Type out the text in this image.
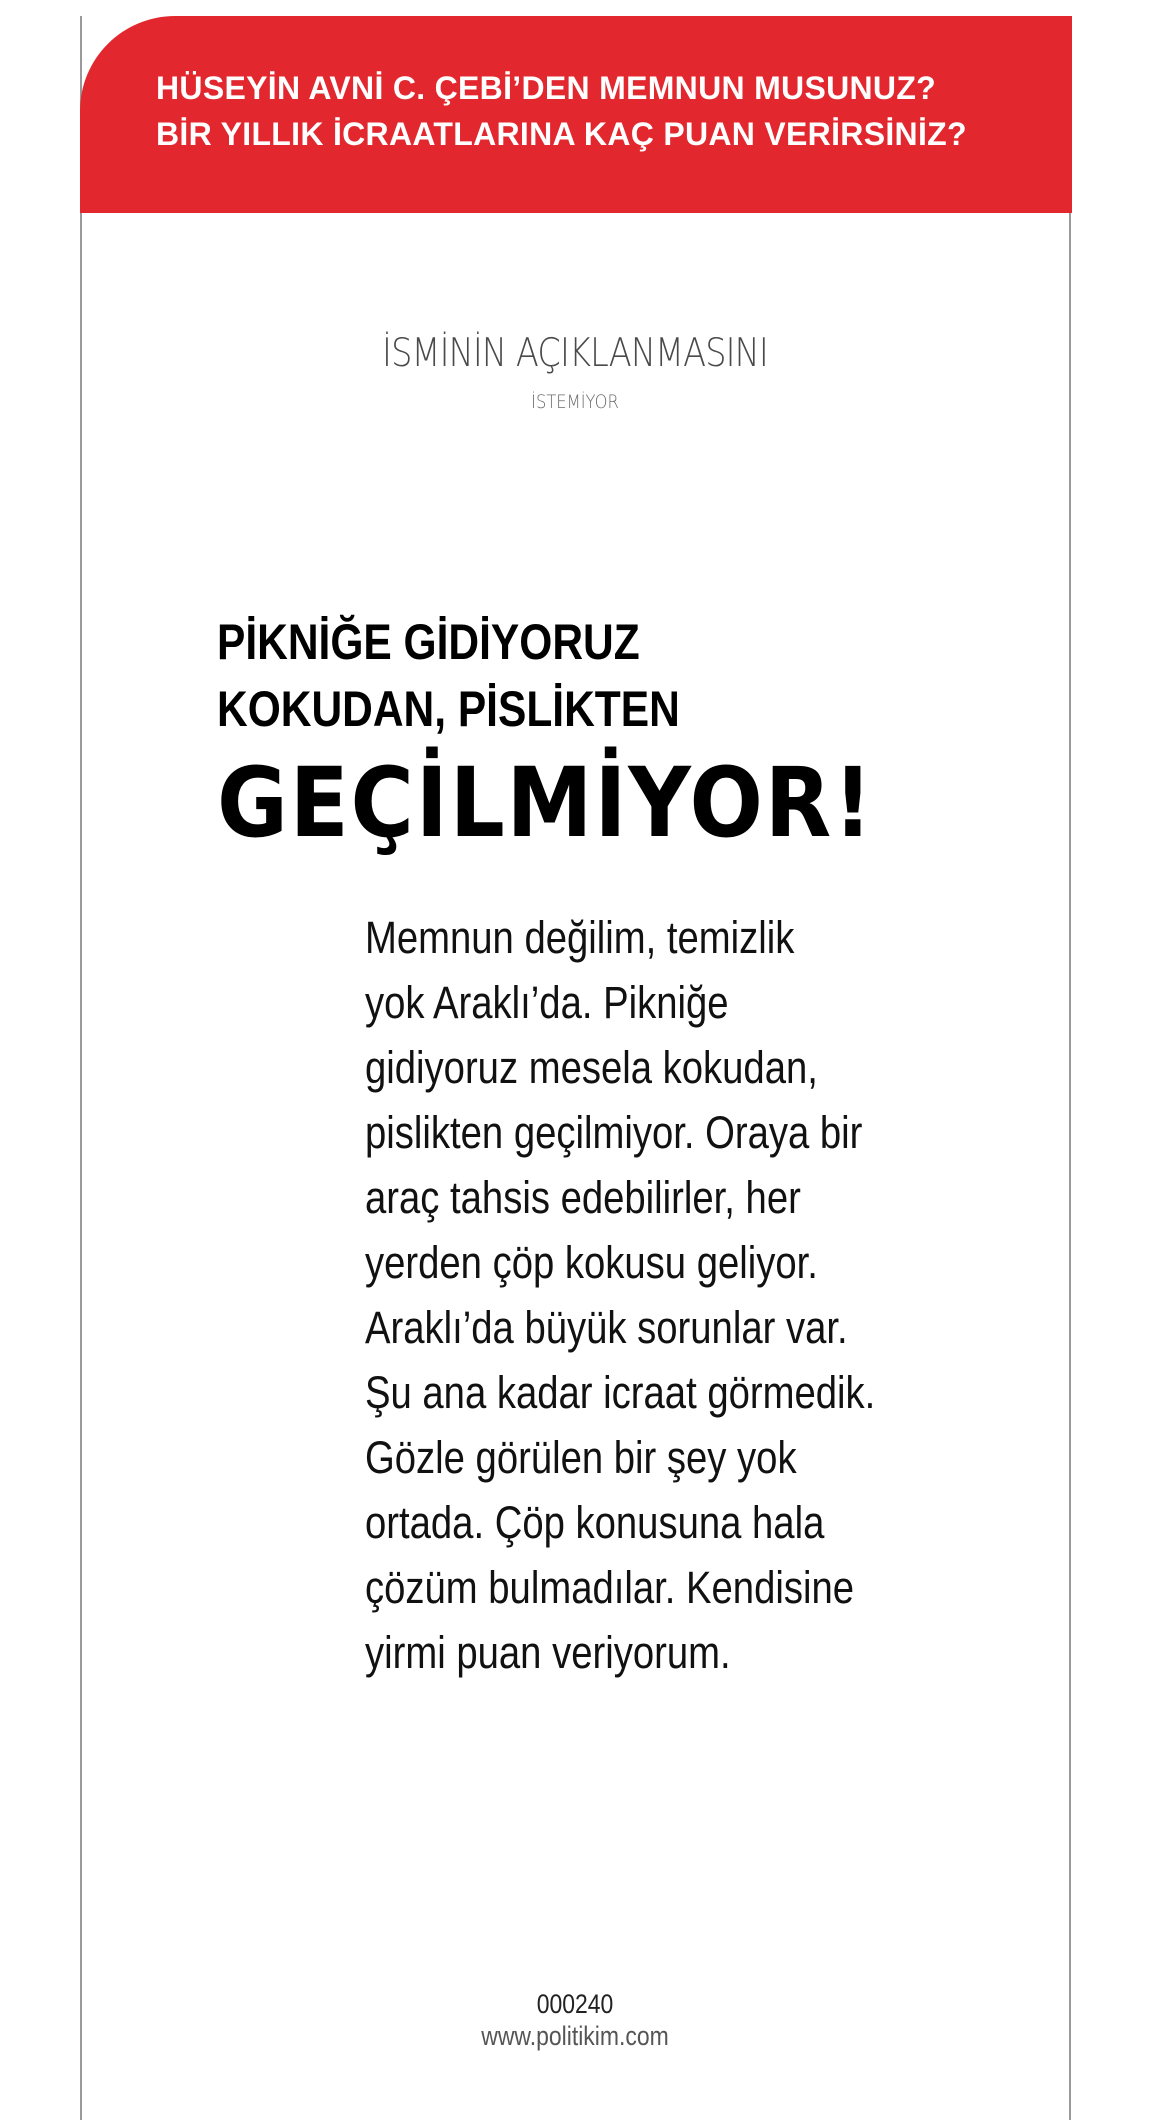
HÜSEYİN AVNİ C. ÇEBİ’DEN MEMNUN MUSUNUZ?
BİR YILLIK İCRAATLARINA KAÇ PUAN VERİRSİNİZ?
İSMİNİN AÇIKLANMASINI
İSTEMİYOR
PİKNİĞE GİDİYORUZ
KOKUDAN, PİSLİKTEN
GEÇİLMİYOR!
Memnun değilim, temizlik
yok Araklı’da. Pikniğe
gidiyoruz mesela kokudan,
pislikten geçilmiyor. Oraya bir
araç tahsis edebilirler, her
yerden çöp kokusu geliyor.
Araklı’da büyük sorunlar var.
Şu ana kadar icraat görmedik.
Gözle görülen bir şey yok
ortada. Çöp konusuna hala
çözüm bulmadılar. Kendisine
yirmi puan veriyorum.
000240
www.politikim.com
